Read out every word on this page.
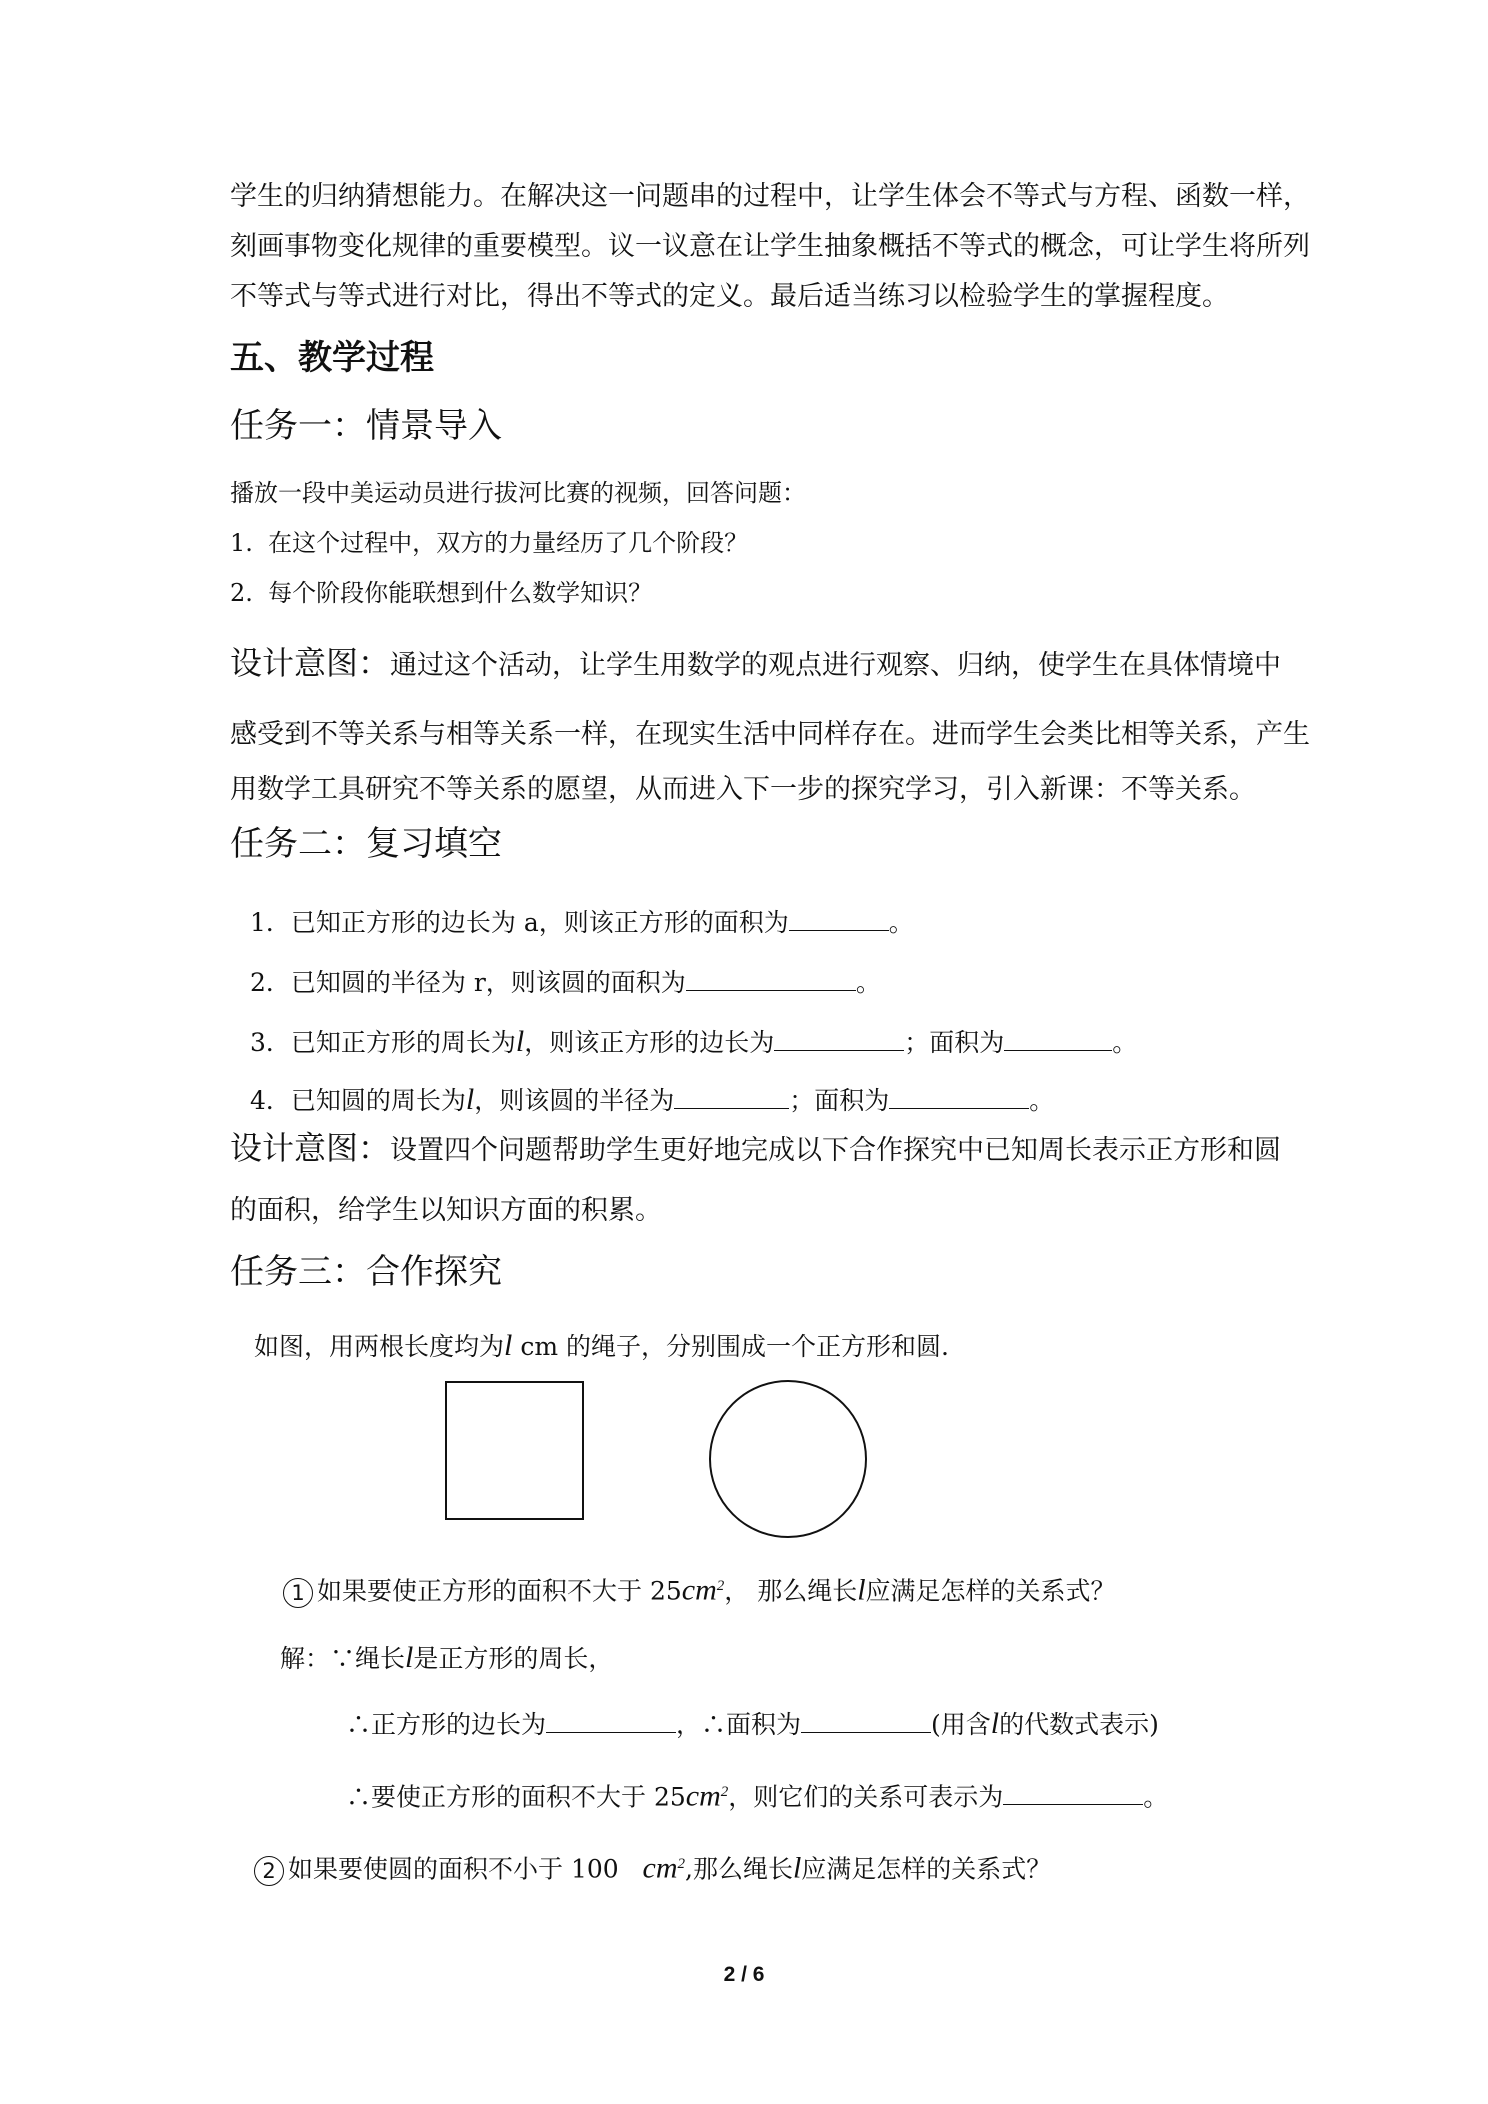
学生的归纳猜想能力。在解决这一问题串的过程中，让学生体会不等式与方程、函数一样，

刻画事物变化规律的重要模型。议一议意在让学生抽象概括不等式的概念，可让学生将所列

不等式与等式进行对比，得出不等式的定义。最后适当练习以检验学生的掌握程度。

五、教学过程
任务一：情景导入
播放一段中美运动员进行拔河比赛的视频，回答问题：
1. 在这个过程中，双方的力量经历了几个阶段？
2. 每个阶段你能联想到什么数学知识？
设计意图：通过这个活动，让学生用数学的观点进行观察、归纳，使学生在具体情境中
感受到不等关系与相等关系一样，在现实生活中同样存在。进而学生会类比相等关系，产生
用数学工具研究不等关系的愿望，从而进入下一步的探究学习，引入新课：不等关系。
任务二：复习填空
1．已知正方形的边长为 a，则该正方形的面积为	。
2．已知圆的半径为 r，则该圆的面积为	。
3．已知正方形的周长为l，则该正方形的边长为	；面积为	。
4．已知圆的周长为l，则该圆的半径为	；面积为	。
设计意图：设置四个问题帮助学生更好地完成以下合作探究中已知周长表示正方形和圆
的面积，给学生以知识方面的积累。
任务三：合作探究
如图，用两根长度均为l cm 的绳子，分别围成一个正方形和圆.
1 如果要使正方形的面积不大于 $25cm^2$， 那么绳长l应满足怎样的关系式？
解：∵绳长l是正方形的周长，
∴正方形的边长为	，∴面积为	(用含l的代数式表示)
∴要使正方形的面积不大于 $25cm^2$，则它们的关系可表示为	。
2 如果要使圆的面积不小于 100 $cm^2$,那么绳长l应满足怎样的关系式？
2 / 6
